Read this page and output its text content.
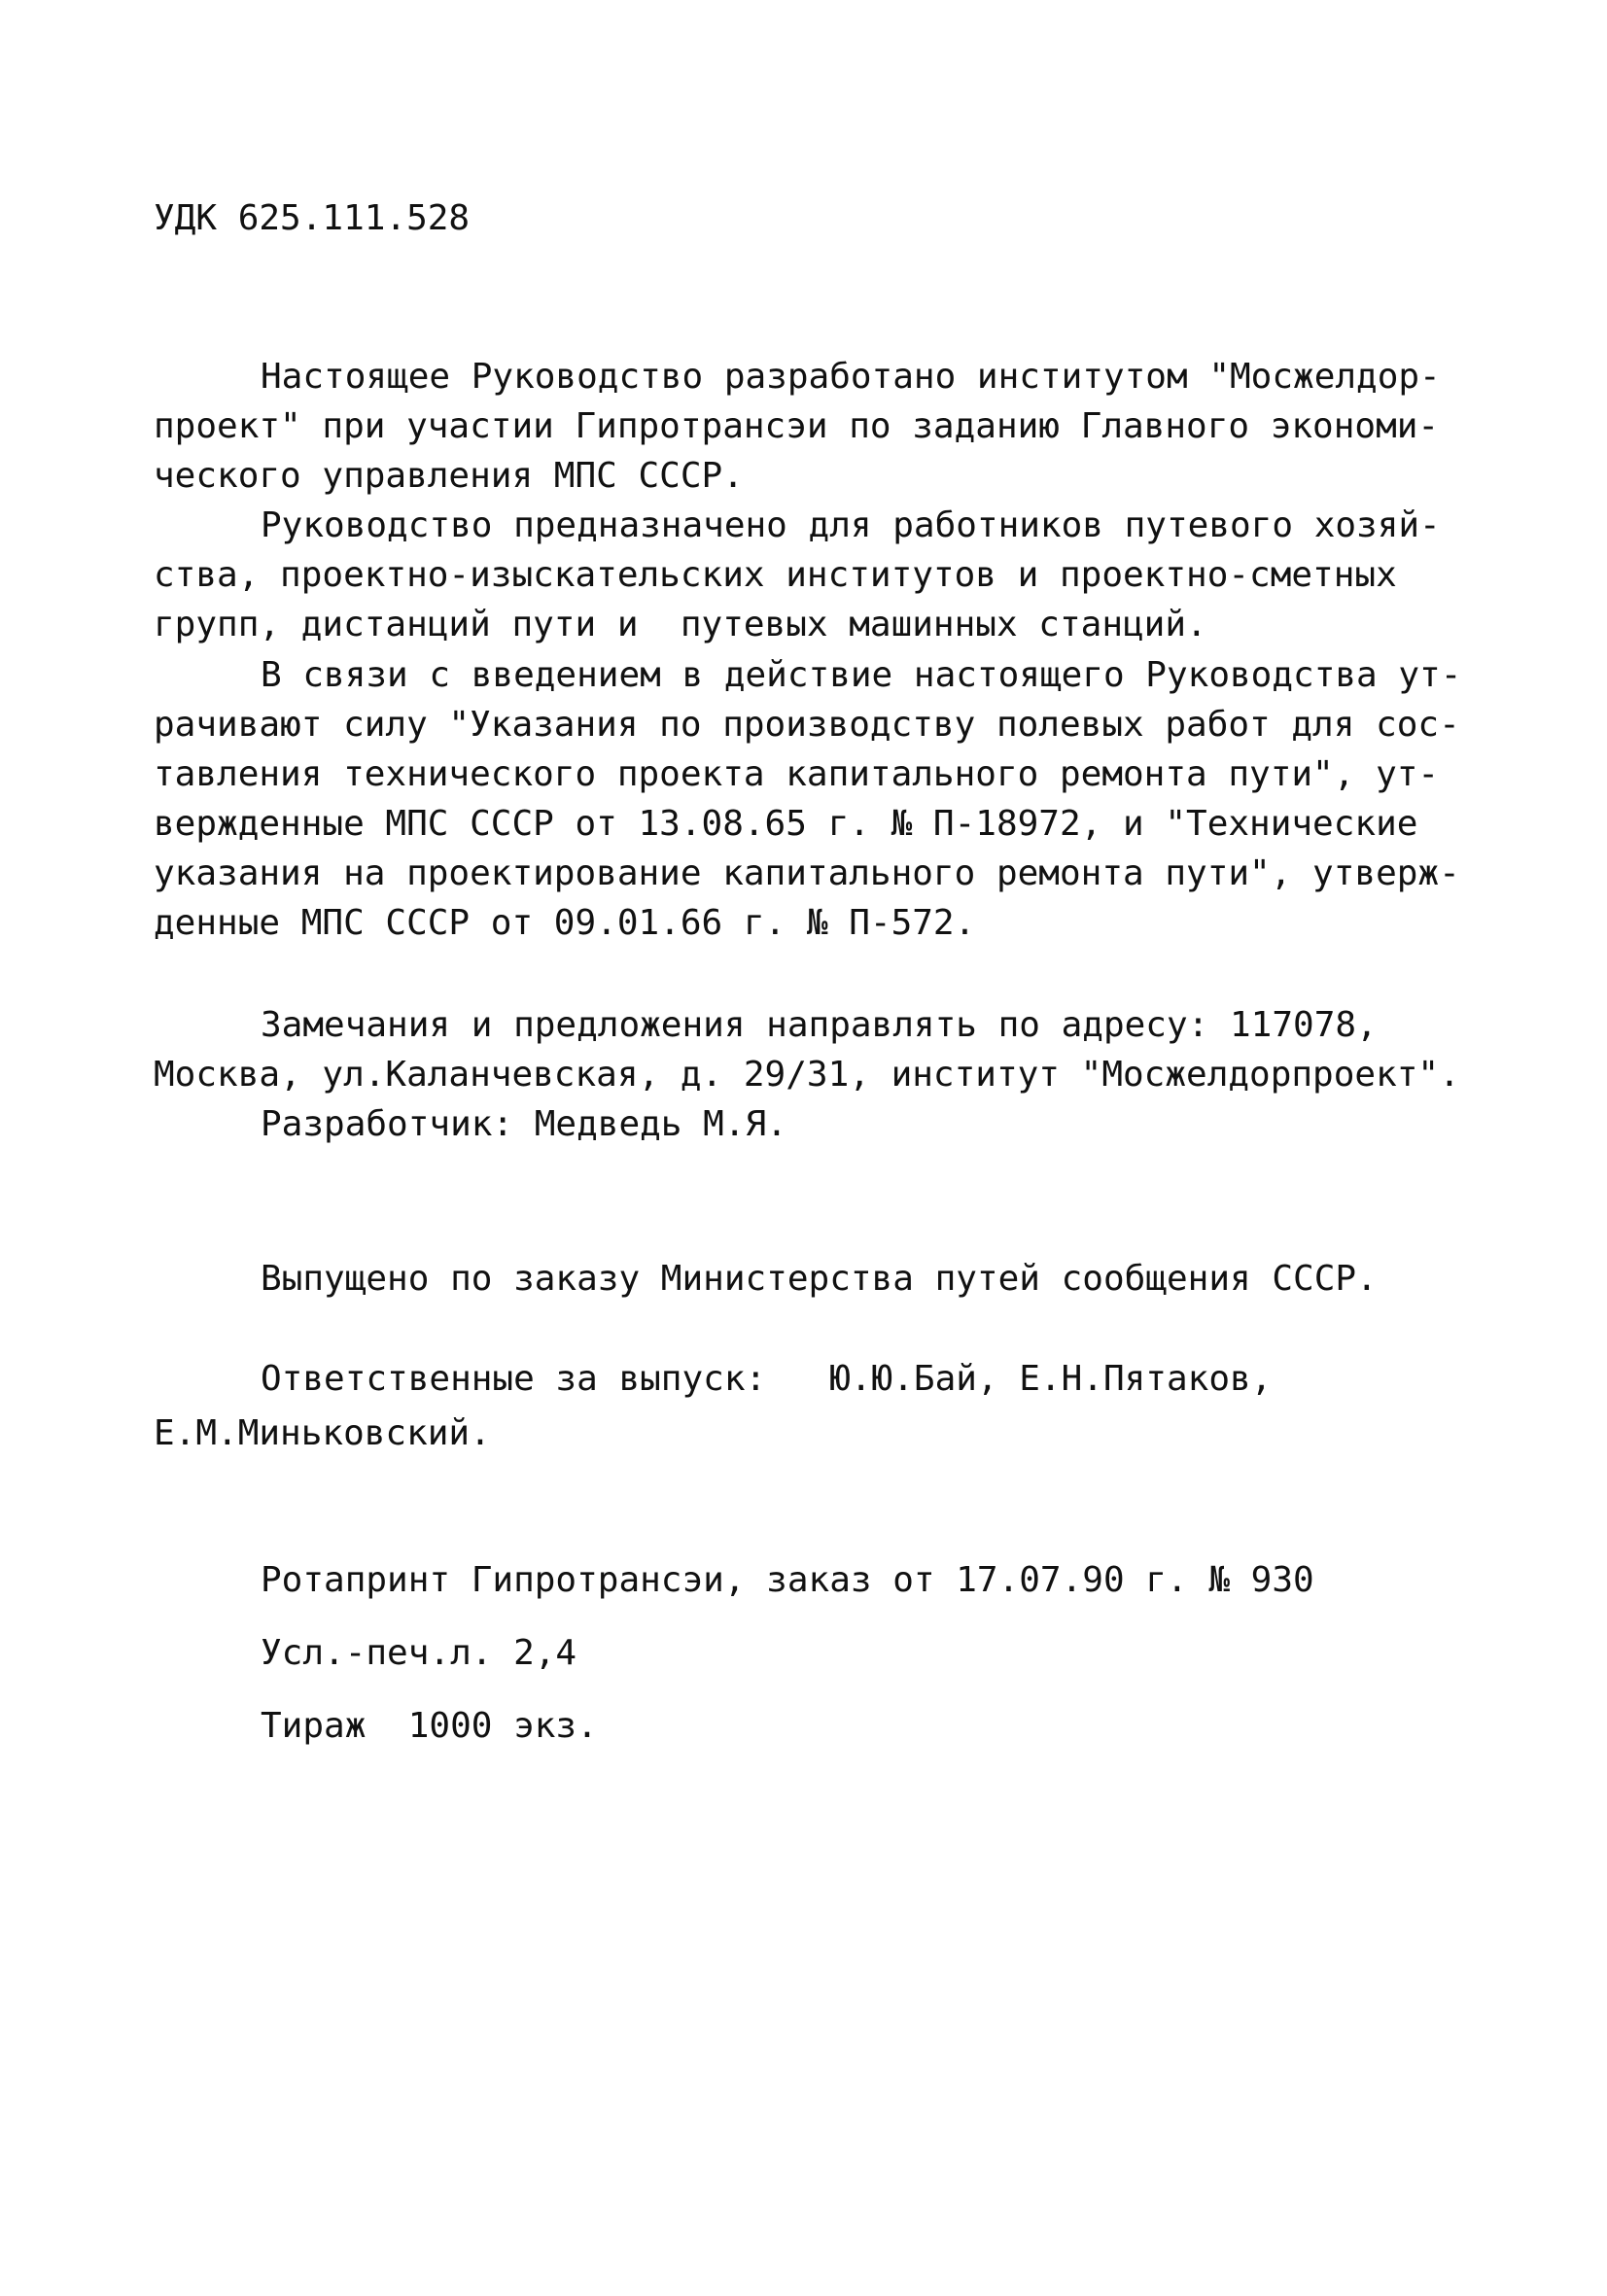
УДК 625.111.528
Настоящее Руководство разработано институтом "Мосжелдор-
проект" при участии Гипротрансэи по заданию Главного экономи-
ческого управления МПС СССР.
Руководство предназначено для работников путевого хозяй-
ства, проектно-изыскательских институтов и проектно-сметных
групп, дистанций пути и  путевых машинных станций.
В связи с введением в действие настоящего Руководства ут-
рачивают силу "Указания по производству полевых работ для сос-
тавления технического проекта капитального ремонта пути", ут-
вержденные МПС СССР от 13.08.65 г. № П-18972, и "Технические
указания на проектирование капитального ремонта пути", утверж-
денные МПС СССР от 09.01.66 г. № П-572.
Замечания и предложения направлять по адресу: 117078,
Москва, ул.Каланчевская, д. 29/31, институт "Мосжелдорпроект".
Разработчик: Медведь М.Я.
Выпущено по заказу Министерства путей сообщения СССР.
Ответственные за выпуск:   Ю.Ю.Бай, Е.Н.Пятаков,
Е.М.Миньковский.
Ротапринт Гипротрансэи, заказ от 17.07.90 г. № 930
Усл.-печ.л. 2,4
Тираж  1000 экз.
